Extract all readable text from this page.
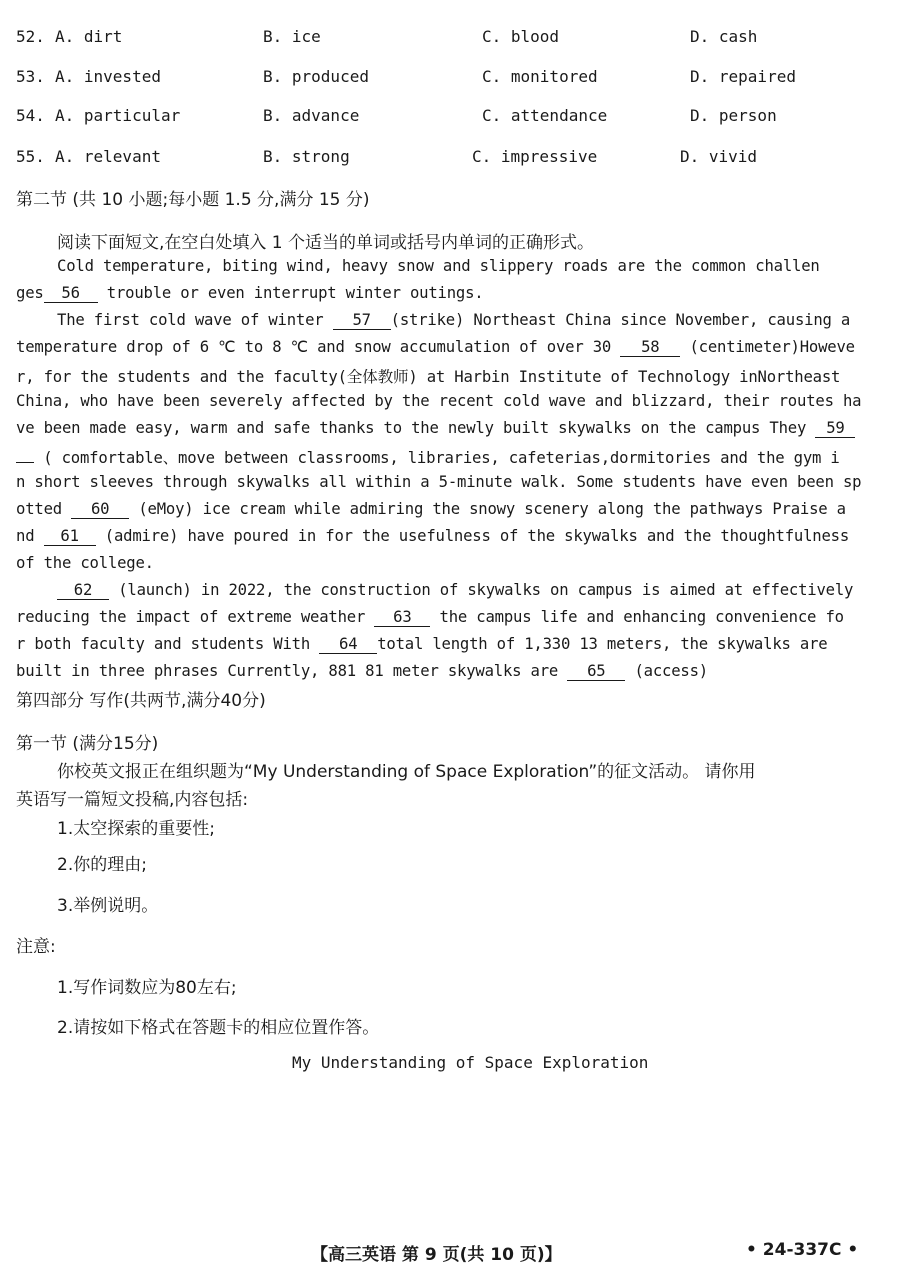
52. A. dirt	B. ice	C. blood	D. cash
53. A. invested	B. produced	C. monitored	D. repaired
54. A. particular	B. advance	C. attendance	D. person
55. A. relevant	B. strong	C. impressive	D. vivid
第二节 (共 10 小题;每小题 1.5 分,满分 15 分)
阅读下面短文,在空白处填入 1 个适当的单词或括号内单词的正确形式。
Cold temperature, biting wind, heavy snow and slippery roads are the common challen
ges 56 trouble or even interrupt winter outings.
The first cold wave of winter 57 (strike) Northeast China since November, causing a
temperature drop of 6 ℃ to 8 ℃ and snow accumulation of over 30 58 (centimeter)Howeve
r, for the students and the faculty(全体教师) at Harbin Institute of Technology inNortheast
China, who have been severely affected by the recent cold wave and blizzard, their routes ha
ve been made easy, warm and safe thanks to the newly built skywalks on the campus They 59
( comfortable、move between classrooms, libraries, cafeterias,dormitories and the gym i
n short sleeves through skywalks all within a 5-minute walk. Some students have even been sp
otted 60 (eMoy) ice cream while admiring the snowy scenery along the pathways Praise a
nd 61 (admire) have poured in for the usefulness of the skywalks and the thoughtfulness
of the college.
62 (launch) in 2022, the construction of skywalks on campus is aimed at effectively
reducing the impact of extreme weather 63 the campus life and enhancing convenience fo
r both faculty and students With 64 total length of 1,330 13 meters, the skywalks are
built in three phrases Currently, 881 81 meter skywalks are 65 (access)
第四部分 写作(共两节,满分40分)
第一节 (满分15分)
你校英文报正在组织题为“My Understanding of Space Exploration”的征文活动。 请你用
英语写一篇短文投稿,内容包括:
1.太空探索的重要性;
2.你的理由;
3.举例说明。
注意:
1.写作词数应为80左右;
2.请按如下格式在答题卡的相应位置作答。
My Understanding of Space Exploration
【高三英语 第 9 页(共 10 页)】	• 24-337C •
